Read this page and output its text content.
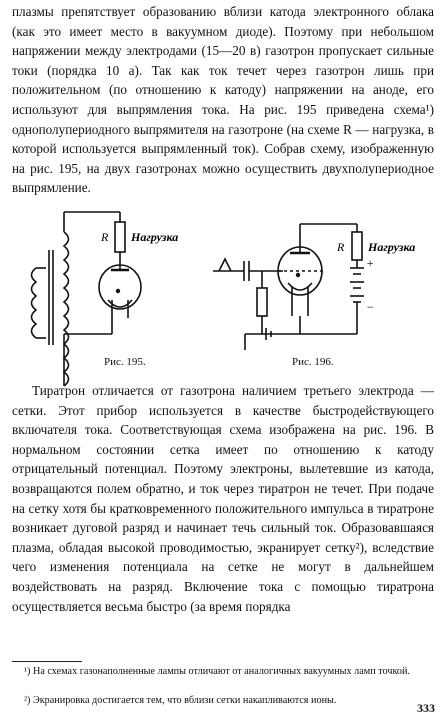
плазмы препятствует образованию вблизи катода электронного облака (как это имеет место в вакуумном диоде). Поэтому при небольшом напряжении между электродами (15—20 в) газотрон пропускает сильные токи (порядка 10 а). Так как ток течет через газотрон лишь при положительном (по отношению к катоду) напряжении на аноде, его используют для выпрямления тока. На рис. 195 приведена схема¹) однополупериодного выпрямителя на газотроне (на схеме R — нагрузка, в которой используется выпрямленный ток). Собрав схему, изображенную на рис. 195, на двух газотронах можно осуществить двухполупериодное выпрямление.

R Нагрузка
R Нагрузка
+
−
Рис. 195.	Рис. 196.

Тиратрон отличается от газотрона наличием третьего электрода — сетки. Этот прибор используется в качестве быстродействующего включателя тока. Соответствующая схема изображена на рис. 196. В нормальном состоянии сетка имеет по отношению к катоду отрицательный потенциал. Поэтому электроны, вылетевшие из катода, возвращаются полем обратно, и ток через тиратрон не течет. При подаче на сетку хотя бы кратковременного положительного импульса в тиратроне возникает дуговой разряд и начинает течь сильный ток. Образовавшаяся плазма, обладая высокой проводимостью, экранирует сетку²), вследствие чего изменения потенциала на сетке не могут в дальнейшем воздействовать на разряд. Включение тока с помощью тиратрона осуществляется весьма быстро (за время порядка

¹) На схемах газонаполненные лампы отличают от аналогичных вакуумных ламп точкой.

²) Экранировка достигается тем, что вблизи сетки накапливаются ионы.

333
